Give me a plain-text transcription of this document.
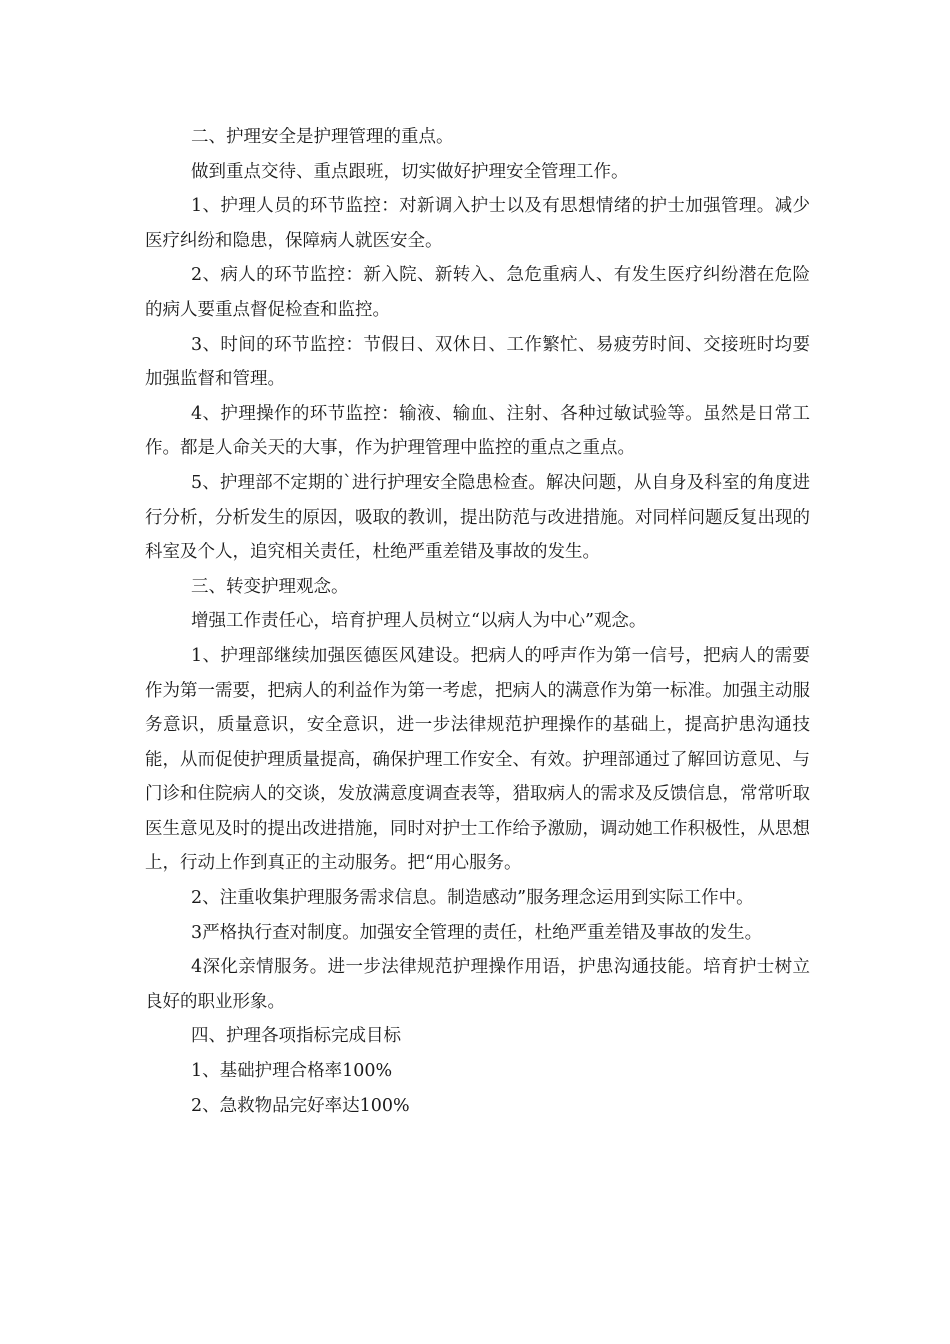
二、护理安全是护理管理的重点。

做到重点交待、重点跟班，切实做好护理安全管理工作。

1、护理人员的环节监控：对新调入护士以及有思想情绪的护士加强管理。减少医疗纠纷和隐患，保障病人就医安全。

2、病人的环节监控：新入院、新转入、急危重病人、有发生医疗纠纷潜在危险的病人要重点督促检查和监控。

3、时间的环节监控：节假日、双休日、工作繁忙、易疲劳时间、交接班时均要加强监督和管理。

4、护理操作的环节监控：输液、输血、注射、各种过敏试验等。虽然是日常工作。都是人命关天的大事，作为护理管理中监控的重点之重点。

5、护理部不定期的`进行护理安全隐患检查。解决问题，从自身及科室的角度进行分析，分析发生的原因，吸取的教训，提出防范与改进措施。对同样问题反复出现的科室及个人，追究相关责任，杜绝严重差错及事故的发生。

三、转变护理观念。

增强工作责任心，培育护理人员树立“以病人为中心”观念。

1、护理部继续加强医德医风建设。把病人的呼声作为第一信号，把病人的需要作为第一需要，把病人的利益作为第一考虑，把病人的满意作为第一标准。加强主动服务意识，质量意识，安全意识，进一步法律规范护理操作的基础上，提高护患沟通技能，从而促使护理质量提高，确保护理工作安全、有效。护理部通过了解回访意见、与门诊和住院病人的交谈，发放满意度调查表等，猎取病人的需求及反馈信息，常常听取医生意见及时的提出改进措施，同时对护士工作给予激励，调动她工作积极性，从思想上，行动上作到真正的主动服务。把“用心服务。

2、注重收集护理服务需求信息。制造感动”服务理念运用到实际工作中。

3严格执行查对制度。加强安全管理的责任，杜绝严重差错及事故的发生。

4深化亲情服务。进一步法律规范护理操作用语，护患沟通技能。培育护士树立良好的职业形象。

四、护理各项指标完成目标

1、基础护理合格率100%

2、急救物品完好率达100%
